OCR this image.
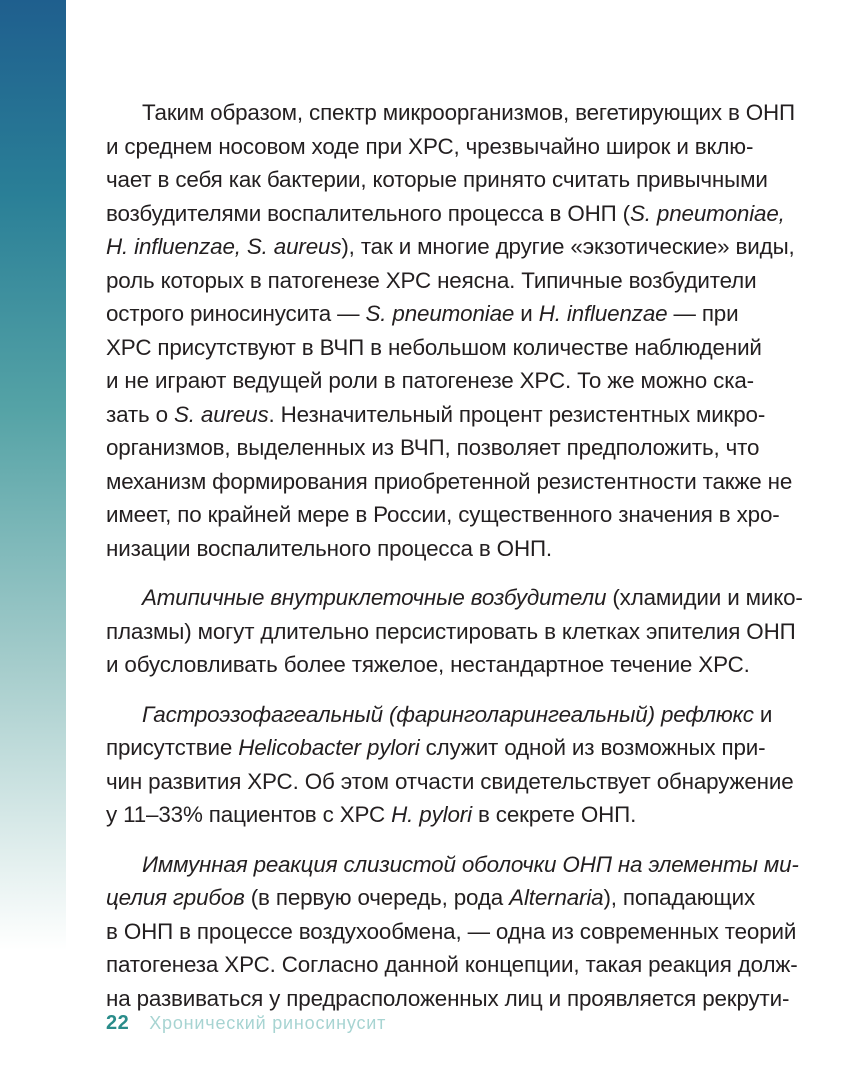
Таким образом, спектр микроорганизмов, вегетирующих в ОНП
и среднем носовом ходе при ХРС, чрезвычайно широк и вклю-
чает в себя как бактерии, которые принято считать привычными
возбудителями воспалительного процесса в ОНП (S. pneumoniae,
H. influenzae, S. aureus), так и многие другие «экзотические» виды,
роль которых в патогенезе ХРС неясна. Типичные возбудители
острого риносинусита — S. pneumoniae и H. influenzae — при
ХРС присутствуют в ВЧП в небольшом количестве наблюдений
и не играют ведущей роли в патогенезе ХРС. То же можно ска-
зать о S. aureus. Незначительный процент резистентных микро-
организмов, выделенных из ВЧП, позволяет предположить, что
механизм формирования приобретенной резистентности также не
имеет, по крайней мере в России, существенного значения в хро-
низации воспалительного процесса в ОНП.
Атипичные внутриклеточные возбудители (хламидии и мико-
плазмы) могут длительно персистировать в клетках эпителия ОНП
и обусловливать более тяжелое, нестандартное течение ХРС.
Гастроэзофагеальный (фаринголарингеальный) рефлюкс и
присутствие Helicobacter pylori служит одной из возможных при-
чин развития ХРС. Об этом отчасти свидетельствует обнаружение
у 11–33% пациентов с ХРС H. pylori в секрете ОНП.
Иммунная реакция слизистой оболочки ОНП на элементы ми-
целия грибов (в первую очередь, рода Alternaria), попадающих
в ОНП в процессе воздухообмена, — одна из современных теорий
патогенеза ХРС. Согласно данной концепции, такая реакция долж-
на развиваться у предрасположенных лиц и проявляется рекрути-
22 Хронический риносинусит
